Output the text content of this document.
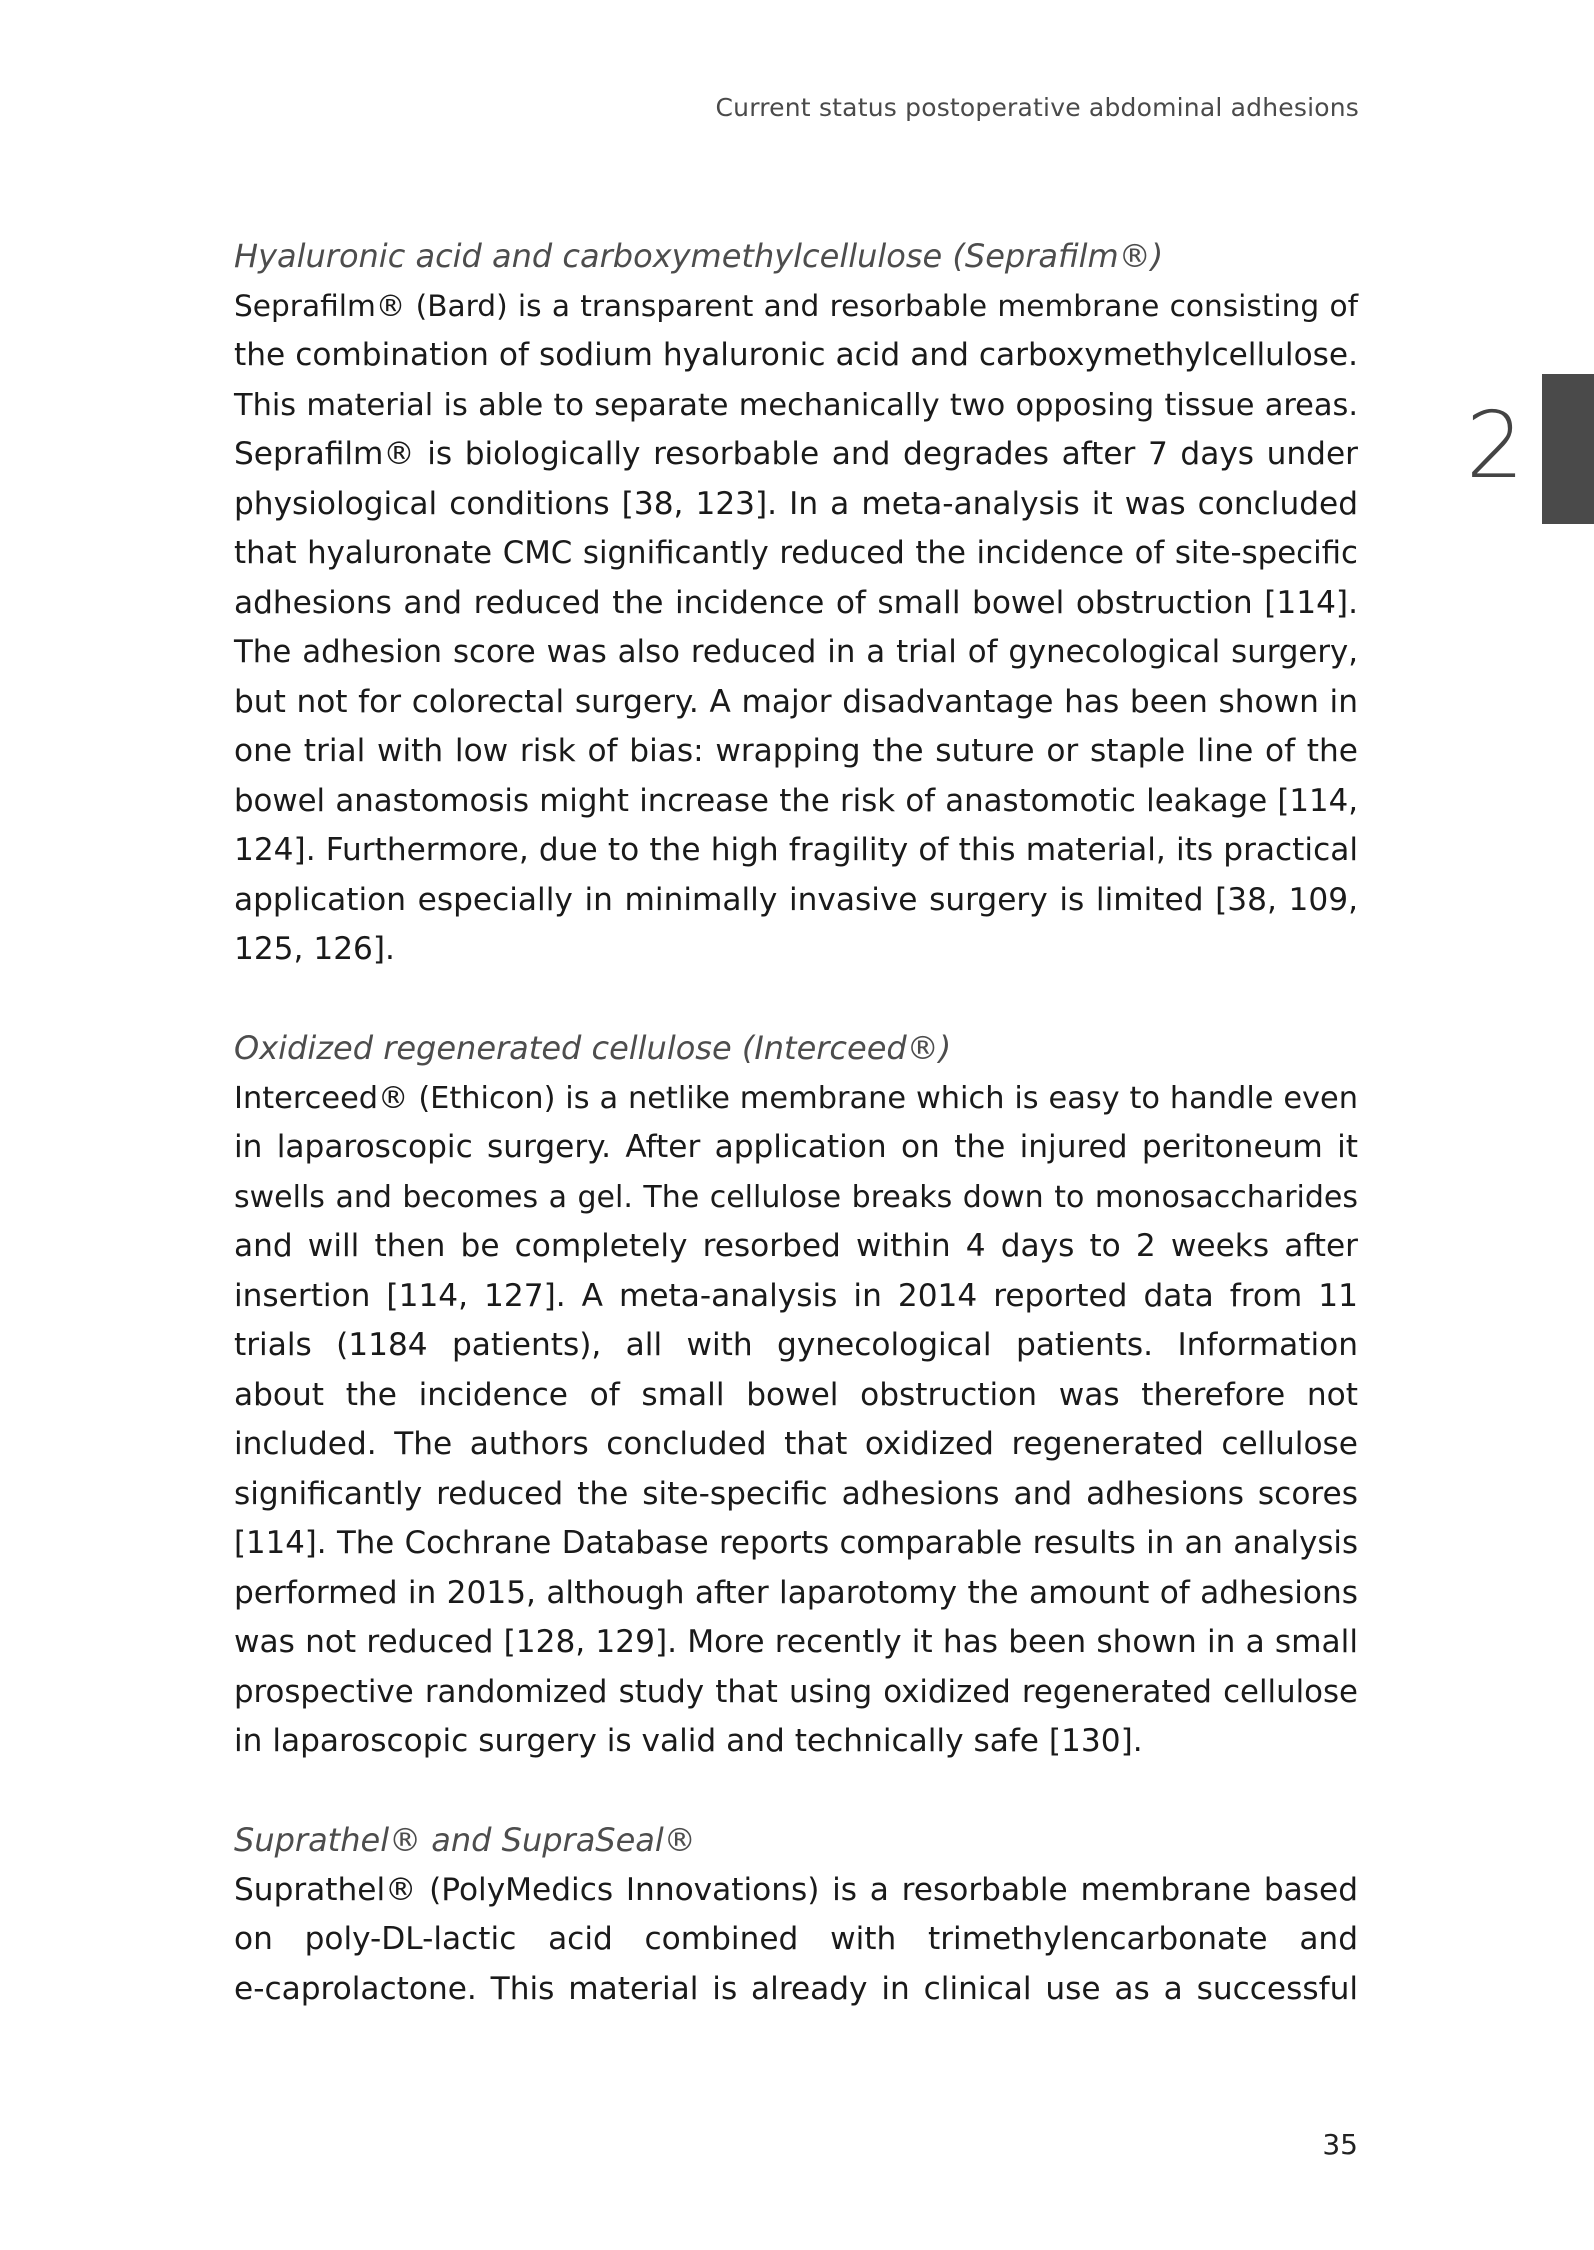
Current status postoperative abdominal adhesions
2

Hyaluronic acid and carboxymethylcellulose (Seprafilm®)

Seprafilm® (Bard) is a transparent and resorbable membrane consisting of
the combination of sodium hyaluronic acid and carboxymethylcellulose.
This material is able to separate mechanically two opposing tissue areas.
Seprafilm® is biologically resorbable and degrades after 7 days under
physiological conditions [38, 123]. In a meta-analysis it was concluded
that hyaluronate CMC significantly reduced the incidence of site-specific
adhesions and reduced the incidence of small bowel obstruction [114].
The adhesion score was also reduced in a trial of gynecological surgery,
but not for colorectal surgery. A major disadvantage has been shown in
one trial with low risk of bias: wrapping the suture or staple line of the
bowel anastomosis might increase the risk of anastomotic leakage [114,
124]. Furthermore, due to the high fragility of this material, its practical
application especially in minimally invasive surgery is limited [38, 109,
125, 126].

Oxidized regenerated cellulose (Interceed®)

Interceed® (Ethicon) is a netlike membrane which is easy to handle even
in laparoscopic surgery. After application on the injured peritoneum it
swells and becomes a gel. The cellulose breaks down to monosaccharides
and will then be completely resorbed within 4 days to 2 weeks after
insertion [114, 127]. A meta-analysis in 2014 reported data from 11
trials (1184 patients), all with gynecological patients. Information
about the incidence of small bowel obstruction was therefore not
included. The authors concluded that oxidized regenerated cellulose
significantly reduced the site-specific adhesions and adhesions scores
[114]. The Cochrane Database reports comparable results in an analysis
performed in 2015, although after laparotomy the amount of adhesions
was not reduced [128, 129]. More recently it has been shown in a small
prospective randomized study that using oxidized regenerated cellulose
in laparoscopic surgery is valid and technically safe [130].

Suprathel® and SupraSeal®

Suprathel® (PolyMedics Innovations) is a resorbable membrane based
on poly-DL-lactic acid combined with trimethylencarbonate and
e-caprolactone. This material is already in clinical use as a successful
35
